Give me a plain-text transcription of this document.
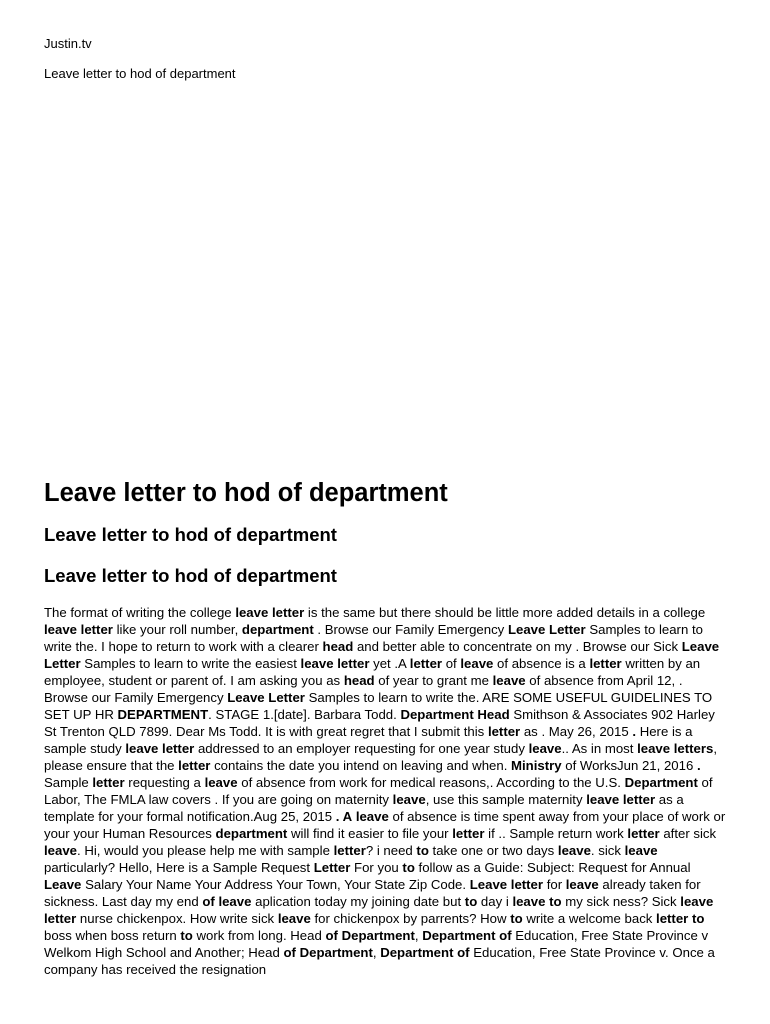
Justin.tv
Leave letter to hod of department
Leave letter to hod of department
Leave letter to hod of department
Leave letter to hod of department

The format of writing the college leave letter is the same but there should be little more added details in a college leave letter like your roll number, department . Browse our Family Emergency Leave Letter Samples to learn to write the. I hope to return to work with a clearer head and better able to concentrate on my . Browse our Sick Leave Letter Samples to learn to write the easiest leave letter yet .A letter of leave of absence is a letter written by an employee, student or parent of. I am asking you as head of year to grant me leave of absence from April 12, . Browse our Family Emergency Leave Letter Samples to learn to write the. ARE SOME USEFUL GUIDELINES TO SET UP HR DEPARTMENT. STAGE 1.[date]. Barbara Todd. Department Head Smithson & Associates 902 Harley St Trenton QLD 7899. Dear Ms Todd. It is with great regret that I submit this letter as . May 26, 2015 . Here is a sample study leave letter addressed to an employer requesting for one year study leave.. As in most leave letters, please ensure that the letter contains the date you intend on leaving and when. Ministry of WorksJun 21, 2016 . Sample letter requesting a leave of absence from work for medical reasons,. According to the U.S. Department of Labor, The FMLA law covers . If you are going on maternity leave, use this sample maternity leave letter as a template for your formal notification.Aug 25, 2015 . A leave of absence is time spent away from your place of work or your your Human Resources department will find it easier to file your letter if .. Sample return work letter after sick leave. Hi, would you please help me with sample letter? i need to take one or two days leave. sick leave particularly? Hello, Here is a Sample Request Letter For you to follow as a Guide: Subject: Request for Annual Leave Salary Your Name Your Address Your Town, Your State Zip Code. Leave letter for leave already taken for sickness. Last day my end of leave aplication today my joining date but to day i leave to my sick ness? Sick leave letter nurse chickenpox. How write sick leave for chickenpox by parrents? How to write a welcome back letter to boss when boss return to work from long. Head of Department, Department of Education, Free State Province v Welkom High School and Another; Head of Department, Department of Education, Free State Province v. Once a company has received the resignation
